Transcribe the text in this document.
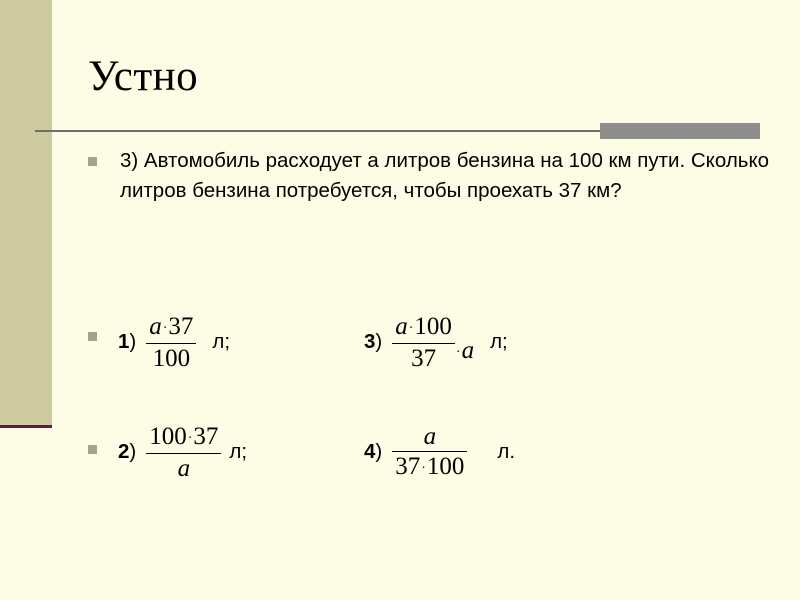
Устно
3) Автомобиль расходует а литров бензина на 100 км пути. Сколько литров бензина потребуется, чтобы проехать 37 км?
$1) \frac{a\cdot 37}{100} л$;	$3) \frac{a\cdot 100}{37} \cdot a$ л;
$2) \frac{100\cdot 37}{a} л$;	$4) \frac{a}{37\cdot 100} л$.
